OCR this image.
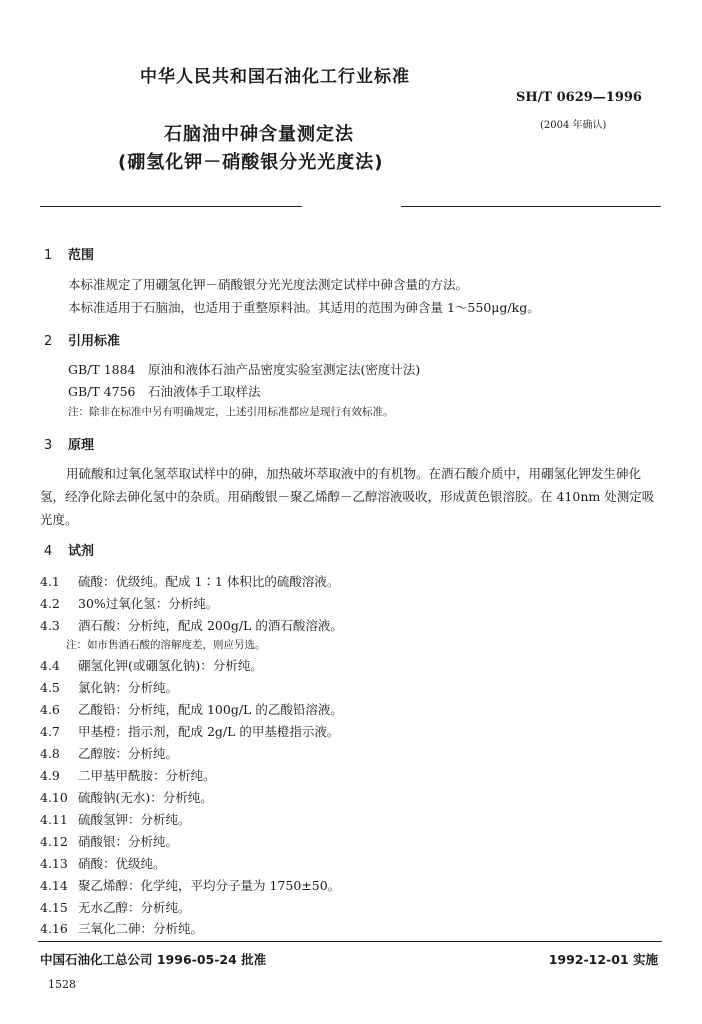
中华人民共和国石油化工行业标准
SH/T 0629—1996
(2004 年确认)
石脑油中砷含量测定法
(硼氢化钾－硝酸银分光光度法)
1 范围
本标准规定了用硼氢化钾－硝酸银分光光度法测定试样中砷含量的方法。
本标准适用于石脑油，也适用于重整原料油。其适用的范围为砷含量 1～550μg/kg。
2 引用标准
GB/T 1884　原油和液体石油产品密度实验室测定法(密度计法)
GB/T 4756　石油液体手工取样法
注：除非在标准中另有明确规定，上述引用标准都应是现行有效标准。
3 原理
用硫酸和过氧化氢萃取试样中的砷，加热破坏萃取液中的有机物。在酒石酸介质中，用硼氢化钾发生砷化氢，经净化除去砷化氢中的杂质。用硝酸银－聚乙烯醇－乙醇溶液吸收，形成黄色银溶胶。在 410nm 处测定吸光度。
4 试剂
4.1 硫酸：优级纯。配成 1∶1 体积比的硫酸溶液。
4.2 30%过氧化氢：分析纯。
4.3 酒石酸：分析纯，配成 200g/L 的酒石酸溶液。
注：如市售酒石酸的溶解度差，则应另选。
4.4 硼氢化钾(或硼氢化钠)：分析纯。
4.5 氯化钠：分析纯。
4.6 乙酸铅：分析纯，配成 100g/L 的乙酸铅溶液。
4.7 甲基橙：指示剂，配成 2g/L 的甲基橙指示液。
4.8 乙醇胺：分析纯。
4.9 二甲基甲酰胺：分析纯。
4.10 硫酸钠(无水)：分析纯。
4.11 硫酸氢钾：分析纯。
4.12 硝酸银：分析纯。
4.13 硝酸：优级纯。
4.14 聚乙烯醇：化学纯，平均分子量为 1750±50。
4.15 无水乙醇：分析纯。
4.16 三氧化二砷：分析纯。
中国石油化工总公司 1996-05-24 批准	1992-12-01 实施
1528
